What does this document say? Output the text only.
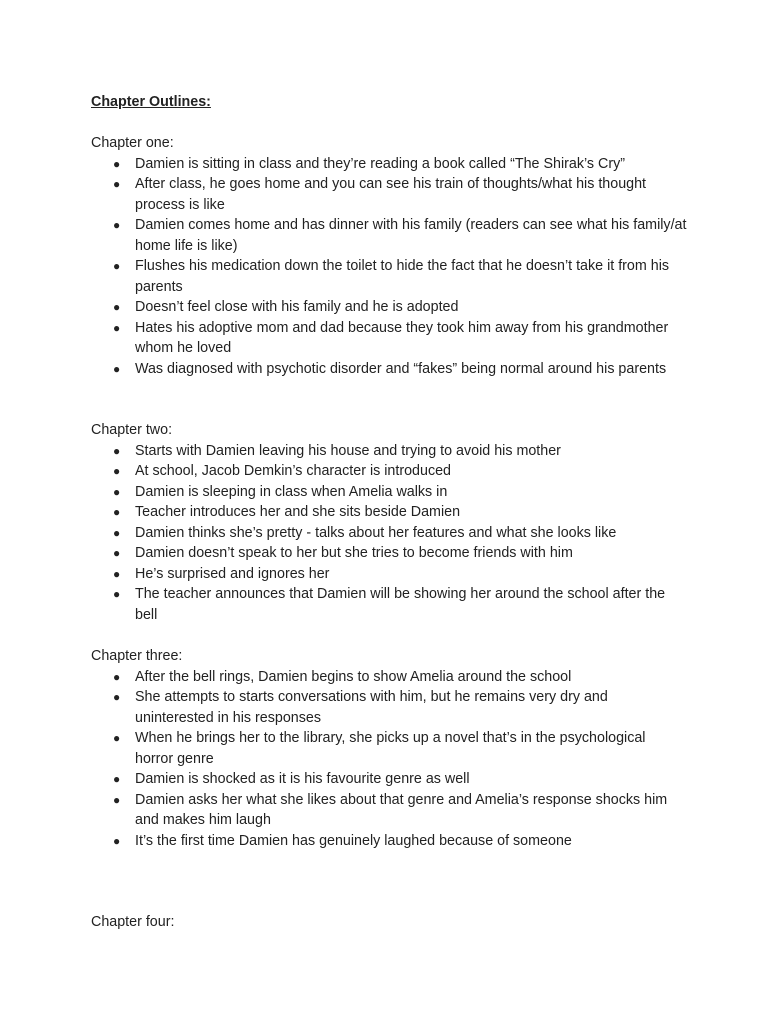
Chapter Outlines:

Chapter one:

● Damien is sitting in class and they’re reading a book called “The Shirak’s Cry”
● After class, he goes home and you can see his train of thoughts/what his thought process is like
● Damien comes home and has dinner with his family (readers can see what his family/at home life is like)
● Flushes his medication down the toilet to hide the fact that he doesn’t take it from his parents
● Doesn’t feel close with his family and he is adopted
● Hates his adoptive mom and dad because they took him away from his grandmother whom he loved
● Was diagnosed with psychotic disorder and “fakes” being normal around his parents

Chapter two:

● Starts with Damien leaving his house and trying to avoid his mother
● At school, Jacob Demkin’s character is introduced
● Damien is sleeping in class when Amelia walks in
● Teacher introduces her and she sits beside Damien
● Damien thinks she’s pretty - talks about her features and what she looks like
● Damien doesn’t speak to her but she tries to become friends with him
● He’s surprised and ignores her
● The teacher announces that Damien will be showing her around the school after the bell

Chapter three:

● After the bell rings, Damien begins to show Amelia around the school
● She attempts to starts conversations with him, but he remains very dry and uninterested in his responses
● When he brings her to the library, she picks up a novel that’s in the psychological horror genre
● Damien is shocked as it is his favourite genre as well
● Damien asks her what she likes about that genre and Amelia’s response shocks him and makes him laugh
● It’s the first time Damien has genuinely laughed because of someone

Chapter four:
